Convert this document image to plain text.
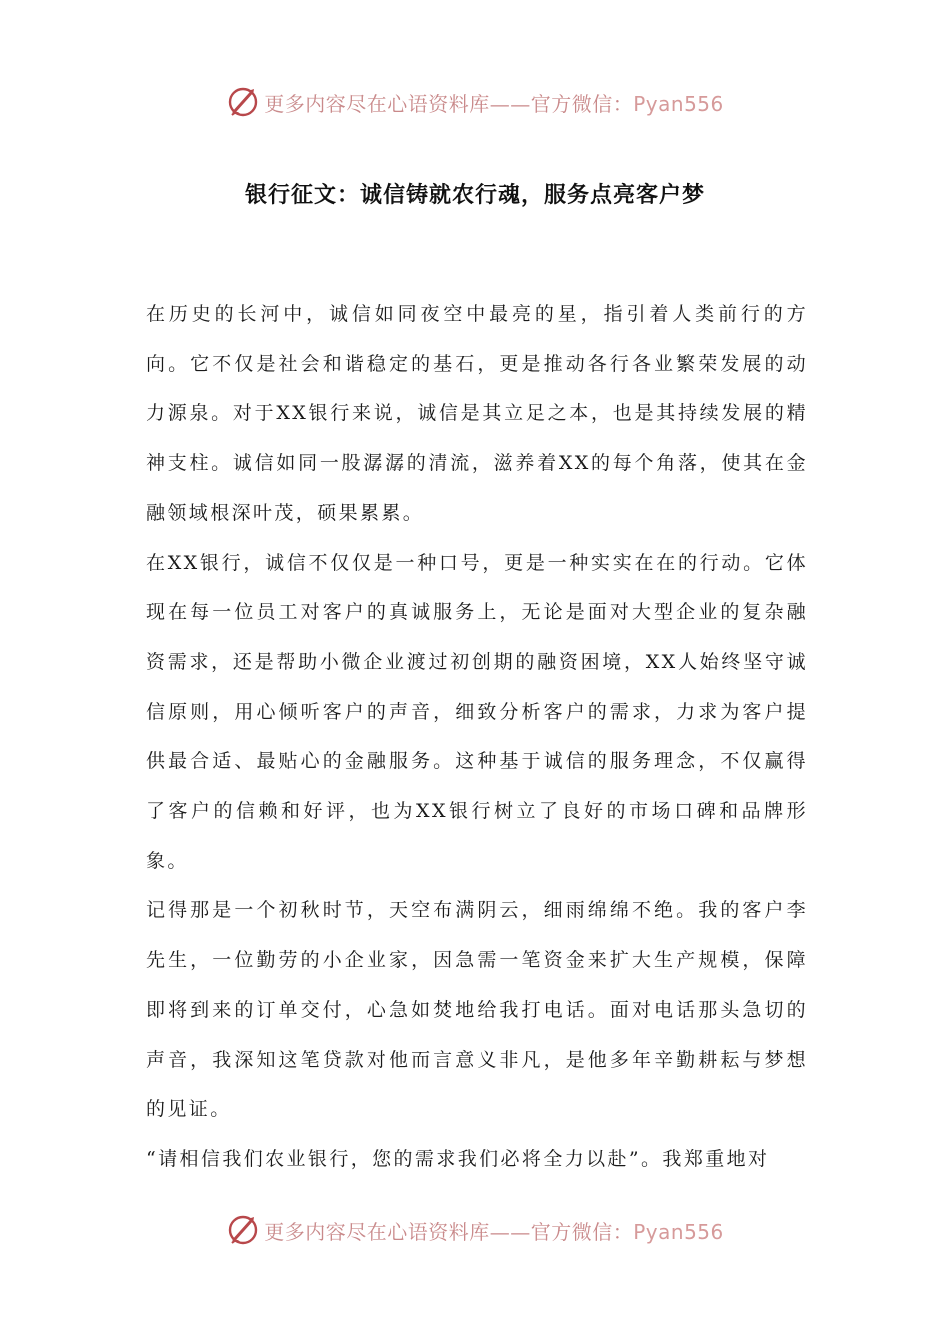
更多内容尽在心语资料库——官方微信：Pyan556
银行征文：诚信铸就农行魂，服务点亮客户梦

在历史的长河中，诚信如同夜空中最亮的星，指引着人类前行的方向。它不仅是社会和谐稳定的基石，更是推动各行各业繁荣发展的动力源泉。对于XX银行来说，诚信是其立足之本，也是其持续发展的精神支柱。诚信如同一股潺潺的清流，滋养着XX的每个角落，使其在金融领域根深叶茂，硕果累累。

在XX银行，诚信不仅仅是一种口号，更是一种实实在在的行动。它体现在每一位员工对客户的真诚服务上，无论是面对大型企业的复杂融资需求，还是帮助小微企业渡过初创期的融资困境，XX人始终坚守诚信原则，用心倾听客户的声音，细致分析客户的需求，力求为客户提供最合适、最贴心的金融服务。这种基于诚信的服务理念，不仅赢得了客户的信赖和好评，也为XX银行树立了良好的市场口碑和品牌形象。

记得那是一个初秋时节，天空布满阴云，细雨绵绵不绝。我的客户李先生，一位勤劳的小企业家，因急需一笔资金来扩大生产规模，保障即将到来的订单交付，心急如焚地给我打电话。面对电话那头急切的声音，我深知这笔贷款对他而言意义非凡，是他多年辛勤耕耘与梦想的见证。

“请相信我们农业银行，您的需求我们必将全力以赴”。我郑重地对

更多内容尽在心语资料库——官方微信：Pyan556
